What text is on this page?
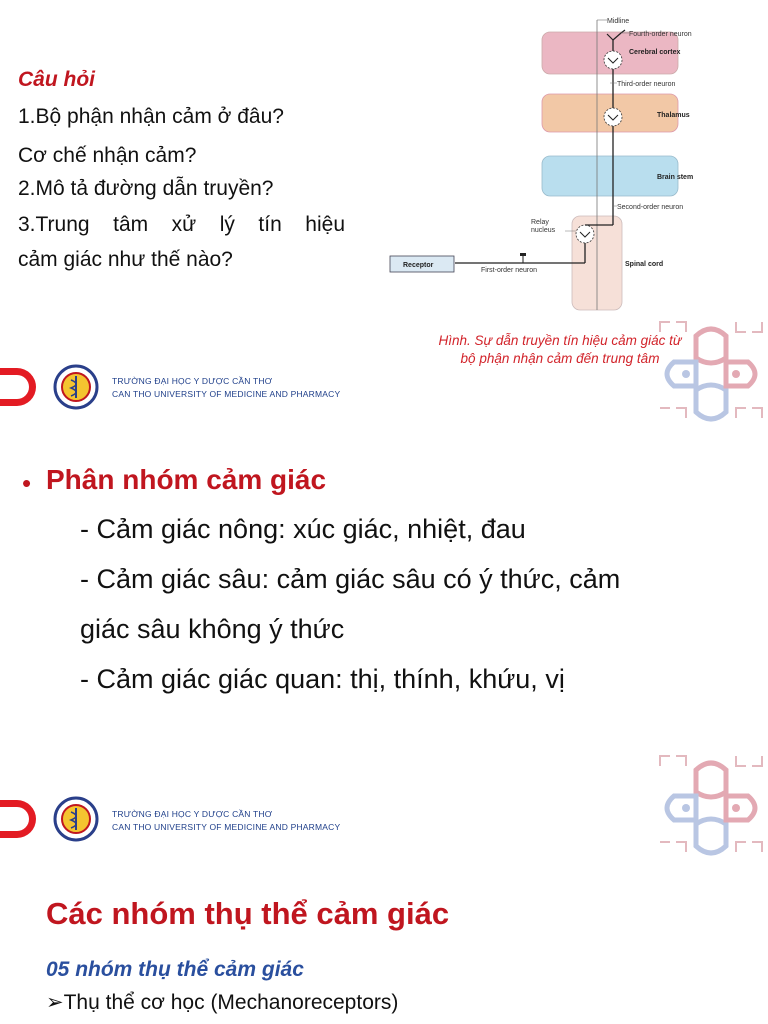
Câu hỏi
1.Bộ phận nhận cảm ở đâu?
Cơ chế nhận cảm?
2.Mô tả đường dẫn truyền?
3.Trung tâm xử lý tín hiệu
cảm giác như thế nào?
Midline
Fourth-order neuron
Cerebral cortex
Third-order neuron
Thalamus
Brain stem
Second-order neuron
Relay
nucleus
Receptor
First-order neuron
Spinal cord
Hình. Sự dẫn truyền tín hiệu cảm giác từ
bộ phận nhận cảm đến trung tâm
TRƯỜNG ĐẠI HỌC Y DƯỢC CẦN THƠ
CAN THO UNIVERSITY OF MEDICINE AND PHARMACY
• Phân nhóm cảm giác
- Cảm giác nông: xúc giác, nhiệt, đau
- Cảm giác sâu: cảm giác sâu có ý thức, cảm
giác sâu không ý thức
- Cảm giác giác quan: thị, thính, khứu, vị
TRƯỜNG ĐẠI HỌC Y DƯỢC CẦN THƠ
CAN THO UNIVERSITY OF MEDICINE AND PHARMACY
Các nhóm thụ thể cảm giác
05 nhóm thụ thể cảm giác
➢Thụ thể cơ học (Mechanoreceptors)
